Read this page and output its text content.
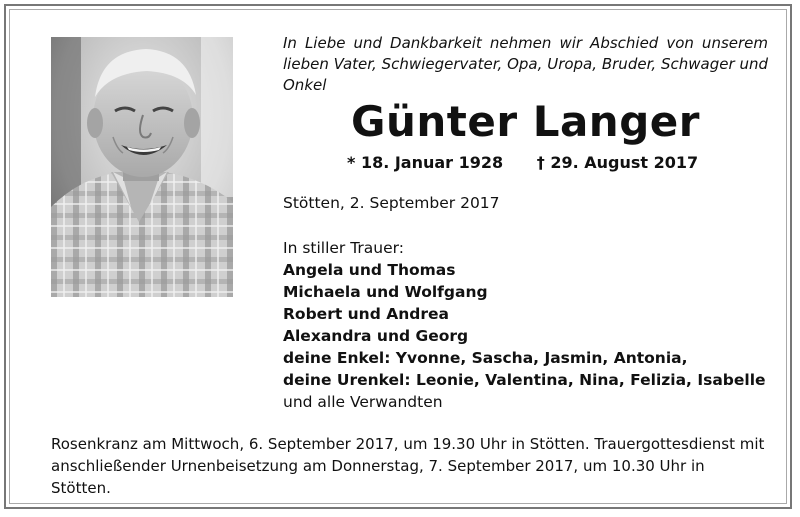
In Liebe und Dankbarkeit nehmen wir Abschied von unserem lieben Vater, Schwiegervater, Opa, Uropa, Bruder, Schwager und Onkel
Günter Langer
* 18. Januar 1928 † 29. August 2017
Stötten, 2. September 2017
In stiller Trauer:
Angela und Thomas
Michaela und Wolfgang
Robert und Andrea
Alexandra und Georg
deine Enkel: Yvonne, Sascha, Jasmin, Antonia,
deine Urenkel: Leonie, Valentina, Nina, Felizia, Isabelle
und alle Verwandten
Rosenkranz am Mittwoch, 6. September 2017, um 19.30 Uhr in Stötten. Trauergottesdienst mit anschließender Urnenbeisetzung am Donnerstag, 7. September 2017, um 10.30 Uhr in Stötten.
